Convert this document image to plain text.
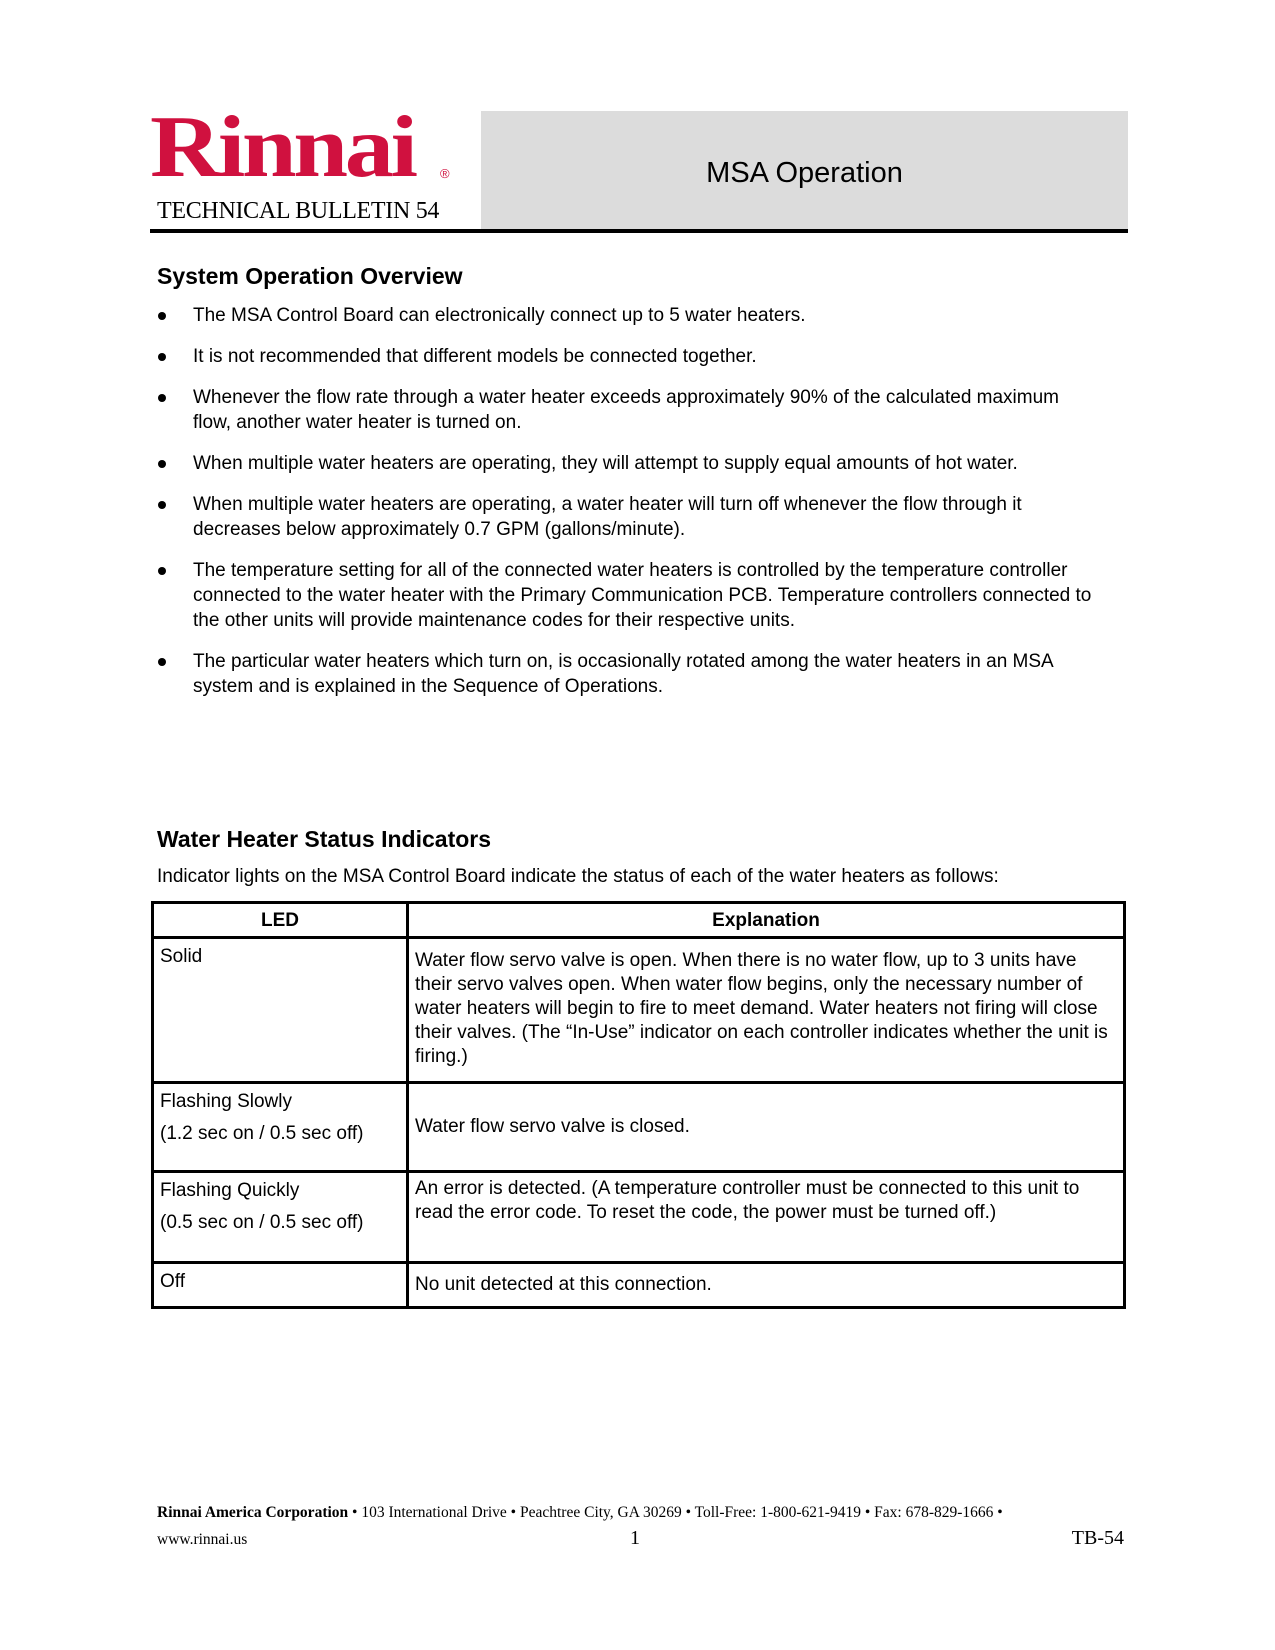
Rinnai ®
TECHNICAL BULLETIN 54
MSA Operation
System Operation Overview
The MSA Control Board can electronically connect up to 5 water heaters.
It is not recommended that different models be connected together.
Whenever the flow rate through a water heater exceeds approximately 90% of the calculated maximum flow, another water heater is turned on.
When multiple water heaters are operating, they will attempt to supply equal amounts of hot water.
When multiple water heaters are operating, a water heater will turn off whenever the flow through it decreases below approximately 0.7 GPM (gallons/minute).
The temperature setting for all of the connected water heaters is controlled by the temperature controller connected to the water heater with the Primary Communication PCB. Temperature controllers connected to the other units will provide maintenance codes for their respective units.
The particular water heaters which turn on, is occasionally rotated among the water heaters in an MSA system and is explained in the Sequence of Operations.
Water Heater Status Indicators
Indicator lights on the MSA Control Board indicate the status of each of the water heaters as follows:
LED	Explanation
Solid	Water flow servo valve is open. When there is no water flow, up to 3 units have their servo valves open. When water flow begins, only the necessary number of water heaters will begin to fire to meet demand. Water heaters not firing will close their valves. (The “In-Use” indicator on each controller indicates whether the unit is firing.)
Flashing Slowly
(1.2 sec on / 0.5 sec off)	Water flow servo valve is closed.
Flashing Quickly
(0.5 sec on / 0.5 sec off)	An error is detected. (A temperature controller must be connected to this unit to read the error code. To reset the code, the power must be turned off.)
Off	No unit detected at this connection.
Rinnai America Corporation • 103 International Drive • Peachtree City, GA 30269 • Toll-Free: 1-800-621-9419 • Fax: 678-829-1666 •
www.rinnai.us	1	TB-54
